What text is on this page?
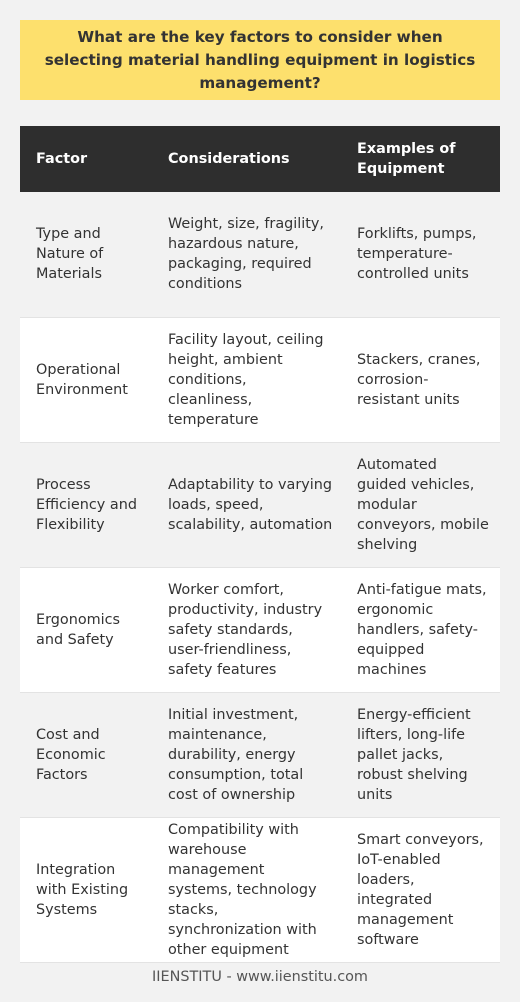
What are the key factors to consider when selecting material handling equipment in logistics management?
Factor	Considerations	Examples of Equipment
Type and Nature of Materials	Weight, size, fragility, hazardous nature, packaging, required conditions	Forklifts, pumps, temperature-controlled units
Operational Environment	Facility layout, ceiling height, ambient conditions, cleanliness, temperature	Stackers, cranes, corrosion-resistant units
Process Efficiency and Flexibility	Adaptability to varying loads, speed, scalability, automation	Automated guided vehicles, modular conveyors, mobile shelving
Ergonomics and Safety	Worker comfort, productivity, industry safety standards, user-friendliness, safety features	Anti-fatigue mats, ergonomic handlers, safety-equipped machines
Cost and Economic Factors	Initial investment, maintenance, durability, energy consumption, total cost of ownership	Energy-efficient lifters, long-life pallet jacks, robust shelving units
Integration with Existing Systems	Compatibility with warehouse management systems, technology stacks, synchronization with other equipment	Smart conveyors, IoT-enabled loaders, integrated management software
IIENSTITU - www.iienstitu.com
